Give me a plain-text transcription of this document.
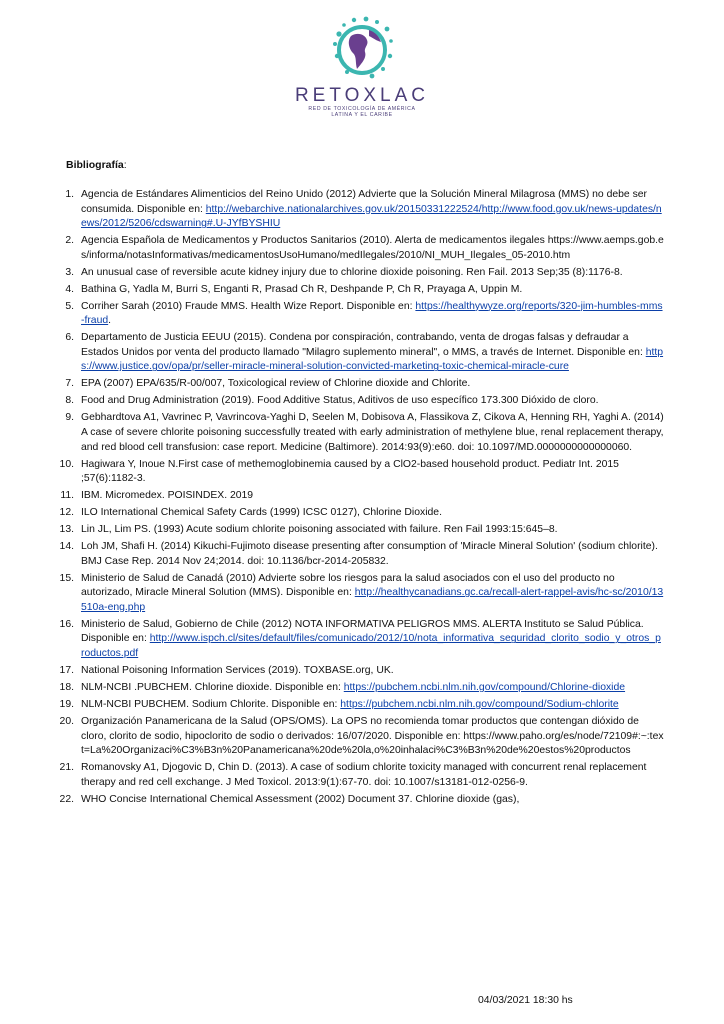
RETOXLAC
RED DE TOXICOLOGÍA DE AMÉRICA
LATINA Y EL CARIBE
Bibliografía:
1 . Agencia de Estándares Alimenticios del Reino Unido (2012) Advierte que la Solución Mineral Milagrosa (MMS) no debe ser consumida. Disponible en: http://webarchive.nationalarchives.gov.uk/20150331222524/http://www.food.gov.uk/news-updates/news/2012/5206/cdswarning#.U-JYfBYSHIU
2 . Agencia Española de Medicamentos y Productos Sanitarios (2010). Alerta de medicamentos ilegales https://www.aemps.gob.es/informa/notasInformativas/medicamentosUsoHumano/medIlegales/2010/NI_MUH_Ilegales_05-2010.htm
3 . An unusual case of reversible acute kidney injury due to chlorine dioxide poisoning. Ren Fail. 2013 Sep;35 (8):1176-8.
4 . Bathina G, Yadla M, Burri S, Enganti R, Prasad Ch R, Deshpande P, Ch R, Prayaga A, Uppin M.
5 . Corriher Sarah (2010) Fraude MMS. Health Wize Report. Disponible en: https://healthywyze.org/reports/320-jim-humbles-mms-fraud.
6 . Departamento de Justicia EEUU (2015). Condena por conspiración, contrabando, venta de drogas falsas y defraudar a Estados Unidos por venta del producto llamado "Milagro suplemento mineral", o MMS, a través de Internet. Disponible en: https://www.justice.gov/opa/pr/seller-miracle-mineral-solution-convicted-marketing-toxic-chemical-miracle-cure
7 . EPA (2007) EPA/635/R-00/007, Toxicological review of Chlorine dioxide and Chlorite.
8 . Food and Drug Administration (2019). Food Additive Status, Aditivos de uso específico 173.300 Dióxido de cloro.
9 . Gebhardtova A1, Vavrinec P, Vavrincova-Yaghi D, Seelen M, Dobisova A, Flassikova Z, Cikova A, Henning RH, Yaghi A. (2014) A case of severe chlorite poisoning successfully treated with early administration of methylene blue, renal replacement therapy, and red blood cell transfusion: case report. Medicine (Baltimore). 2014:93(9):e60. doi: 10.1097/MD.0000000000000060.
10 . Hagiwara Y, Inoue N.First case of methemoglobinemia caused by a ClO2-based household product. Pediatr Int. 2015 ;57(6):1182-3.
11 . IBM. Micromedex. POISINDEX. 2019
12 . ILO International Chemical Safety Cards (1999) ICSC 0127), Chlorine Dioxide.
13 . Lin JL, Lim PS. (1993) Acute sodium chlorite poisoning associated with failure. Ren Fail 1993:15:645–8.
14 . Loh JM, Shafi H. (2014) Kikuchi-Fujimoto disease presenting after consumption of 'Miracle Mineral Solution' (sodium chlorite). BMJ Case Rep. 2014 Nov 24;2014. doi: 10.1136/bcr-2014-205832.
15 . Ministerio de Salud de Canadá (2010) Advierte sobre los riesgos para la salud asociados con el uso del producto no autorizado, Miracle Mineral Solution (MMS). Disponible en: http://healthycanadians.gc.ca/recall-alert-rappel-avis/hc-sc/2010/13510a-eng.php
16 . Ministerio de Salud, Gobierno de Chile (2012) NOTA INFORMATIVA PELIGROS MMS. ALERTA Instituto se Salud Pública. Disponible en: http://www.ispch.cl/sites/default/files/comunicado/2012/10/nota_informativa_seguridad_clorito_sodio_y_otros_productos.pdf
17 . National Poisoning Information Services (2019). TOXBASE.org, UK.
18 . NLM-NCBI .PUBCHEM. Chlorine dioxide. Disponible en: https://pubchem.ncbi.nlm.nih.gov/compound/Chlorine-dioxide
19 . NLM-NCBI PUBCHEM. Sodium Chlorite. Disponible en: https://pubchem.ncbi.nlm.nih.gov/compound/Sodium-chlorite
20 . Organización Panamericana de la Salud (OPS/OMS). La OPS no recomienda tomar productos que contengan dióxido de cloro, clorito de sodio, hipoclorito de sodio o derivados: 16/07/2020. Disponible en: https://www.paho.org/es/node/72109#:~:text=La%20Organizaci%C3%B3n%20Panamericana%20de%20la,o%20inhalaci%C3%B3n%20de%20estos%20productos
21 . Romanovsky A1, Djogovic D, Chin D. (2013). A case of sodium chlorite toxicity managed with concurrent renal replacement therapy and red cell exchange. J Med Toxicol. 2013:9(1):67-70. doi: 10.1007/s13181-012-0256-9.
22 . WHO Concise International Chemical Assessment (2002) Document 37. Chlorine dioxide (gas),
04/03/2021 18:30 hs
